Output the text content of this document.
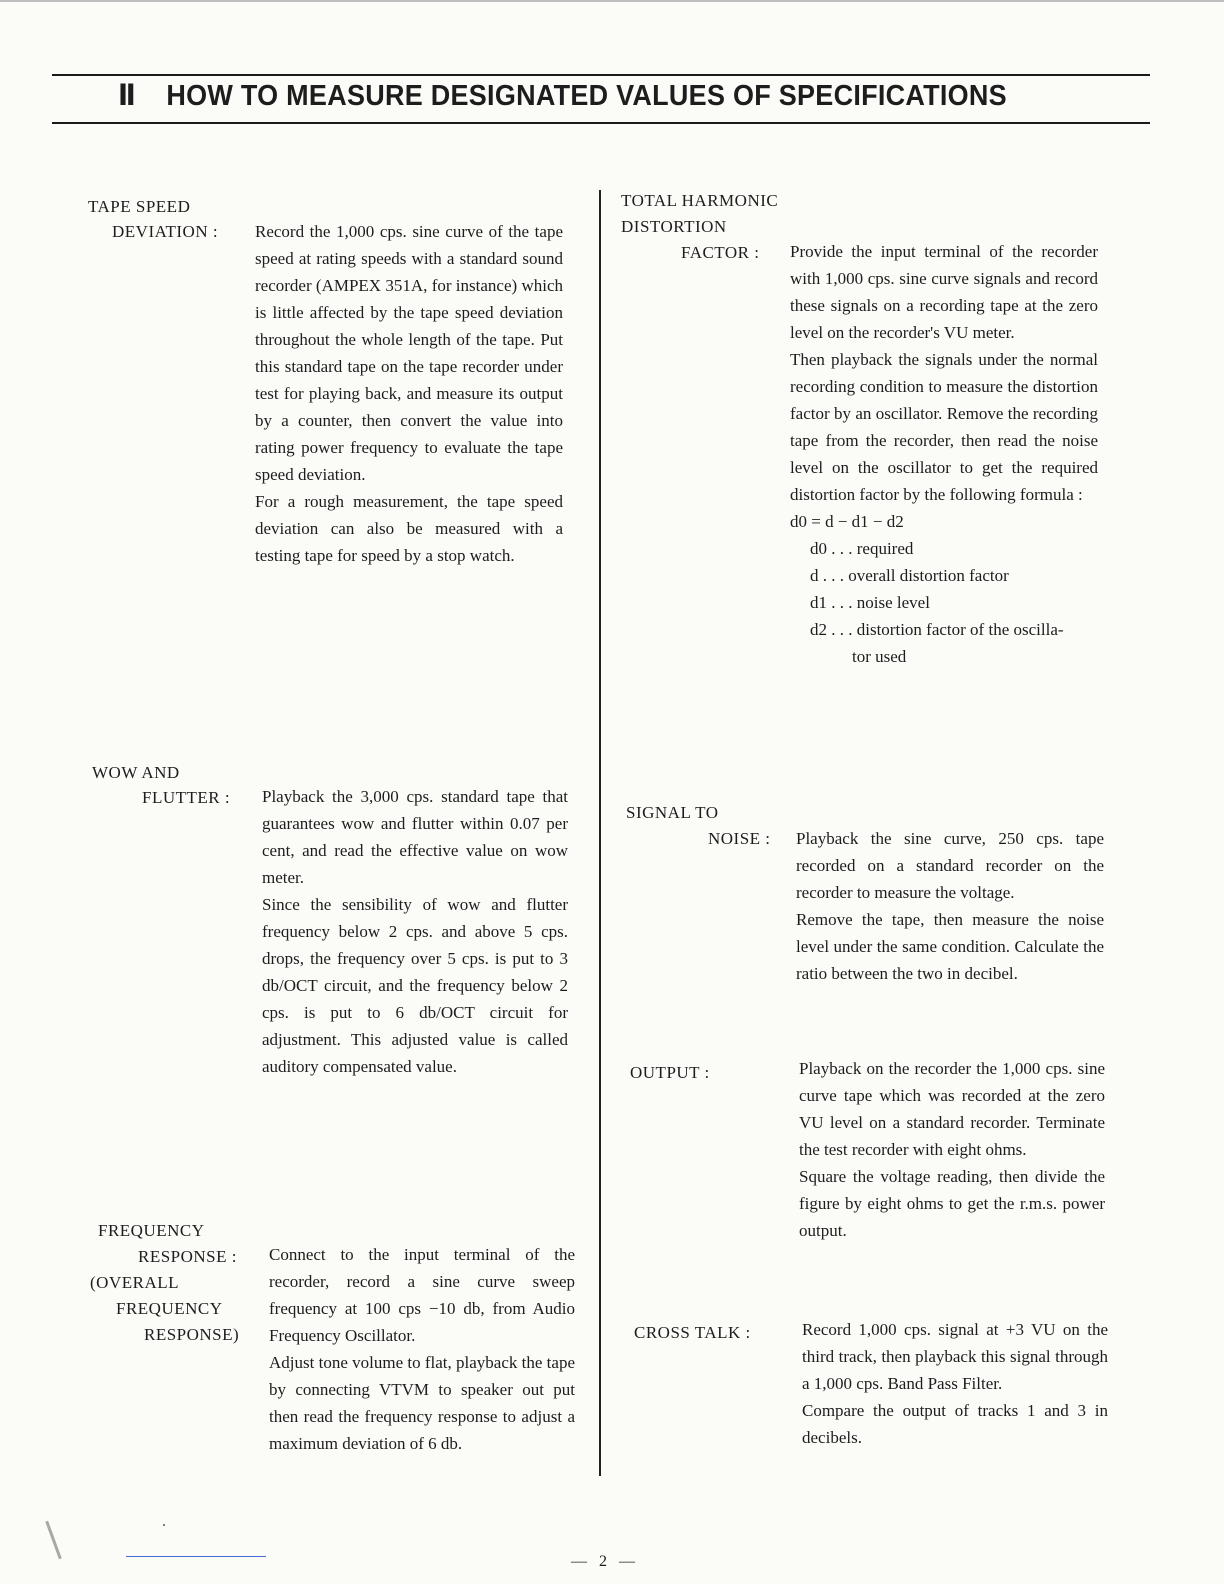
Ⅱ HOW TO MEASURE DESIGNATED VALUES OF SPECIFICATIONS
TAPE SPEED
DEVIATION : Record the 1,000 cps. sine curve of the tape speed at rating speeds with a standard sound recorder (AMPEX 351A, for instance) which is little affected by the tape speed deviation throughout the whole length of the tape. Put this standard tape on the tape recorder under test for playing back, and measure its output by a counter, then convert the value into rating power frequency to evaluate the tape speed deviation.

For a rough measurement, the tape speed deviation can also be measured with a testing tape for speed by a stop watch.

WOW AND
FLUTTER : Playback the 3,000 cps. standard tape that guarantees wow and flutter within 0.07 per cent, and read the effective value on wow meter.

Since the sensibility of wow and flutter frequency below 2 cps. and above 5 cps. drops, the frequency over 5 cps. is put to 3 db/OCT circuit, and the frequency below 2 cps. is put to 6 db/OCT circuit for adjustment. This adjusted value is called auditory compensated value.

FREQUENCY
RESPONSE :
(OVERALL
FREQUENCY
RESPONSE)

Connect to the input terminal of the recorder, record a sine curve sweep frequency at 100 cps −10 db, from Audio Frequency Oscillator.

Adjust tone volume to flat, playback the tape by connecting VTVM to speaker out put then read the frequency response to adjust a maximum deviation of 6 db.

TOTAL HARMONIC
DISTORTION
FACTOR :	Provide the input terminal of the recorder with 1,000 cps. sine curve signals and record these signals on a recording tape at the zero level on the recorder's VU meter.

Then playback the signals under the normal recording condition to measure the distortion factor by an oscillator. Remove the recording tape from the recorder, then read the noise level on the oscillator to get the required distortion factor by the following formula :

d0 = d − d1 − d2
d0 . . . required
d . . . overall distortion factor
d1 . . . noise level
d2 . . . distortion factor of the oscilla-
tor used
SIGNAL TO
NOISE : Playback the sine curve, 250 cps. tape recorded on a standard recorder on the recorder to measure the voltage.

Remove the tape, then measure the noise level under the same condition. Calculate the ratio between the two in decibel.

OUTPUT :	Playback on the recorder the 1,000 cps. sine curve tape which was recorded at the zero VU level on a standard recorder. Terminate the test recorder with eight ohms.

Square the voltage reading, then divide the figure by eight ohms to get the r.m.s. power output.

CROSS TALK :	Record 1,000 cps. signal at +3 VU on the third track, then playback this signal through a 1,000 cps. Band Pass Filter.

Compare the output of tracks 1 and 3 in decibels.

— 2 —
